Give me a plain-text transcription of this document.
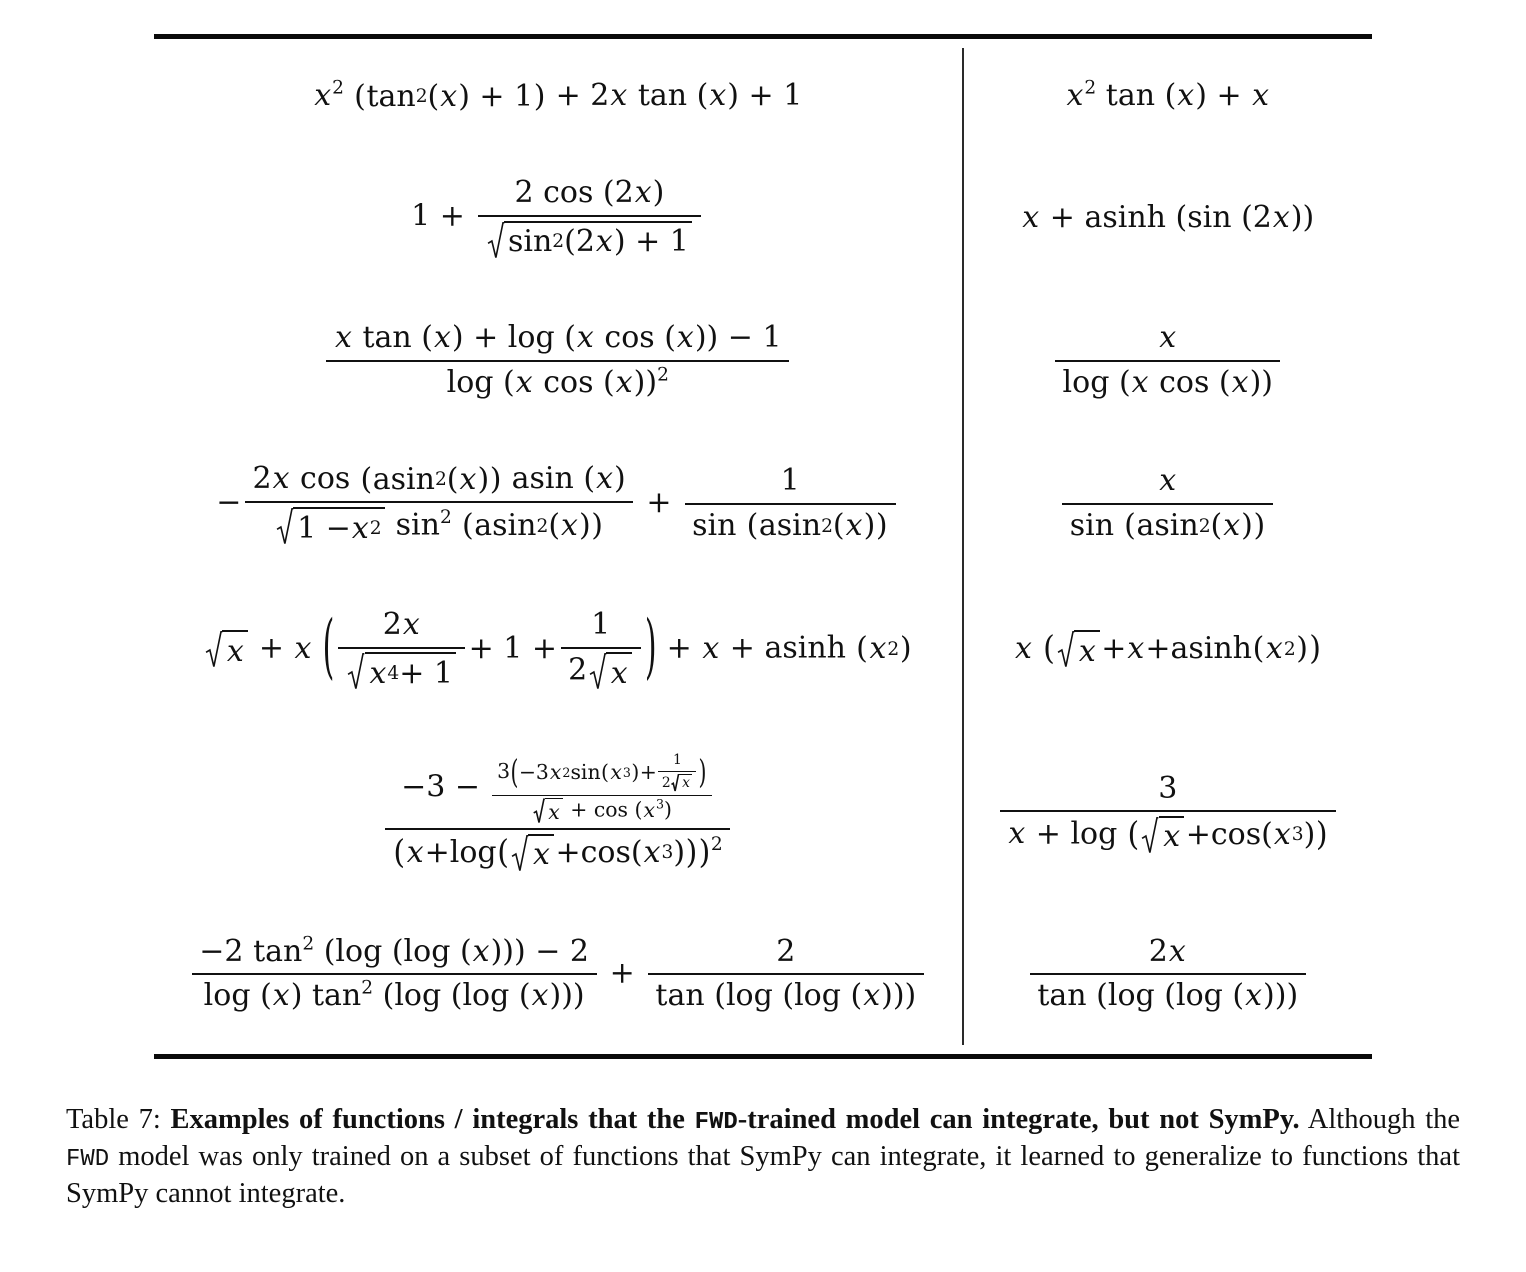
$x^2$ ( tan 2 ( x ) + 1 ) + 2x tan (x) + 1	$x^2$ tan (x) + x
$1 + \frac{2 \cos (2x)}{\sin 2 (2 x ) + 1}$	x + asinh (sin (2x))
$\frac{\text{x tan (x) + log (x cos (x)) − 1}}{\log (x \cos (x))^2}$	$\frac{x}{\text{log (x cos (x))}}$
− $\frac{\text{2x cos ( asin 2 ( x ) ) asin (x)}}{1 - x 2 \sin^2 ( asin 2 ( x ) )} + \frac{1}{\sin ( asin 2 ( x ) )}$	$\frac{x}{\sin ( asin 2 ( x ) )}$
x + x ( $\frac{2x}{x 4 + 1} + 1 + \frac{1}{2 x}$ ) + x + asinh ( x 2 )	x ( x + x + asinh ( x 2 ) )
$\frac{-3 - \frac{3 ( -3 x 2 \sin ( x 3 ) + \frac{1}{2 x} )}{x + \cos (x^3)}}{( x + \log ( x + \cos ( x 3 ) ) ) ^2}$	$\frac{3}{x + \log ( x + \cos ( x 3 ) )}$
$\frac{-2 \tan^2 (\log (\log (x))) - 2}{\log (x) \tan^2 (\log (\log (x)))} + \frac{2}{\tan (\log (\log (x)))}$	$\frac{2x}{\tan (\log (\log (x)))}$

Table 7: Examples of functions / integrals that the FWD-trained model can integrate, but not SymPy. Although the FWD model was only trained on a subset of functions that SymPy can integrate, it learned to generalize to functions that SymPy cannot integrate.
